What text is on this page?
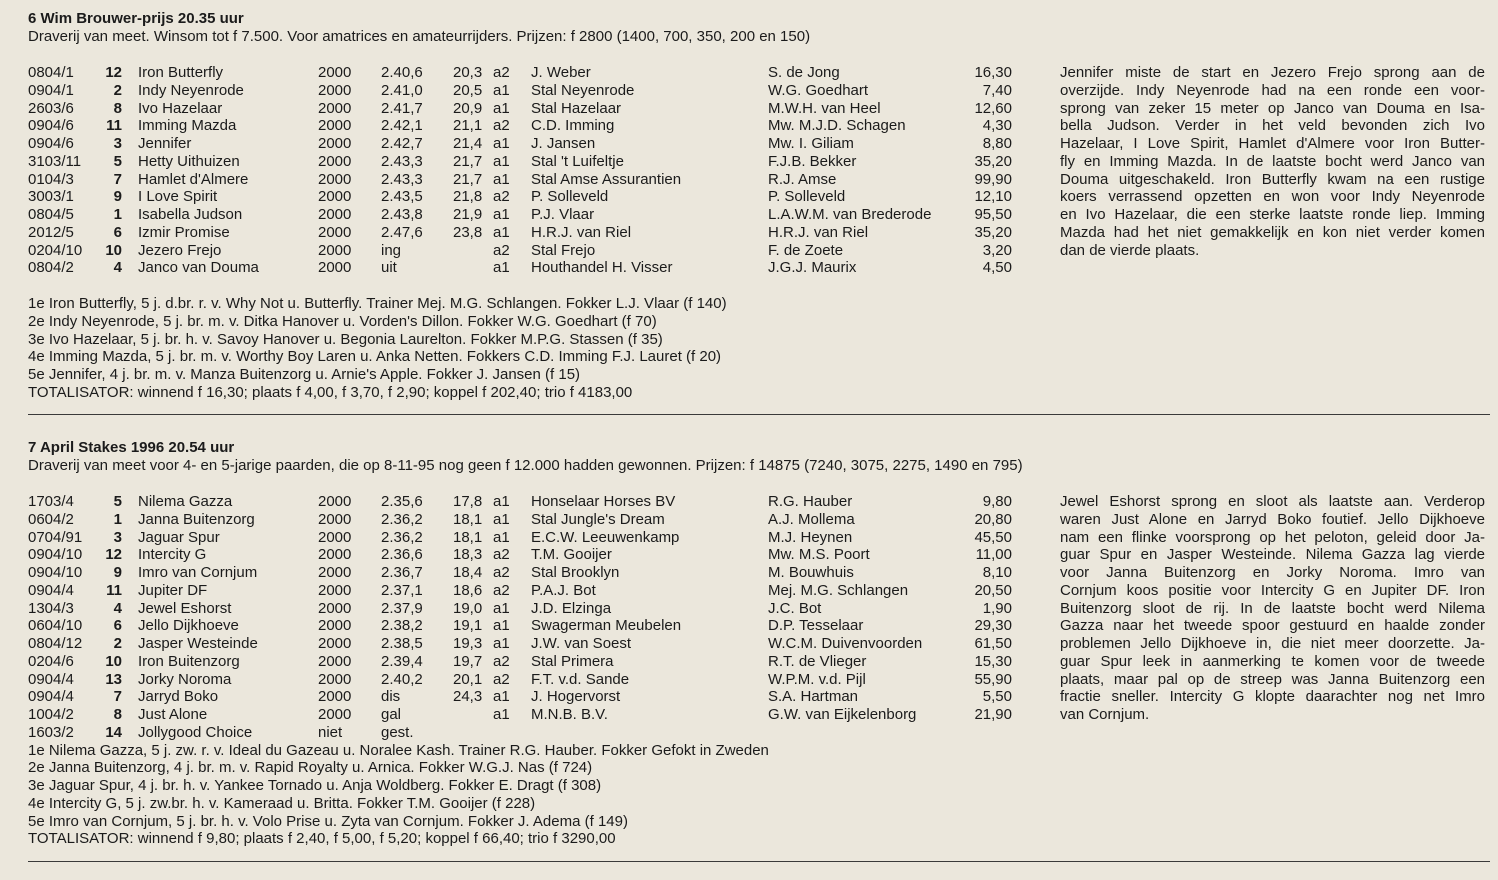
6 Wim Brouwer-prijs 20.35 uur
Draverij van meet. Winsom tot f 7.500. Voor amatrices en amateurrijders. Prijzen: f 2800 (1400, 700, 350, 200 en 150)
0804/1	12 Iron Butterfly	2000 2.40,6 20,3 a2 J. Weber	S. de Jong	16,30
0904/1	2 Indy Neyenrode	2000 2.41,0 20,5 a1 Stal Neyenrode	W.G. Goedhart	7,40
2603/6	8 Ivo Hazelaar	2000 2.41,7 20,9 a1 Stal Hazelaar	M.W.H. van Heel	12,60
0904/6	11 Imming Mazda	2000 2.42,1 21,1 a2 C.D. Imming	Mw. M.J.D. Schagen	4,30
0904/6	3 Jennifer	2000 2.42,7 21,4 a1 J. Jansen	Mw. I. Giliam	8,80
3103/11	5 Hetty Uithuizen	2000 2.43,3 21,7 a1 Stal 't Luifeltje	F.J.B. Bekker	35,20
0104/3	7 Hamlet d'Almere	2000 2.43,3 21,7 a1 Stal Amse Assurantien	R.J. Amse	99,90
3003/1	9 I Love Spirit	2000 2.43,5 21,8 a2 P. Solleveld	P. Solleveld	12,10
0804/5	1 Isabella Judson	2000 2.43,8 21,9 a1 P.J. Vlaar	L.A.W.M. van Brederode	95,50
2012/5	6 Izmir Promise	2000 2.47,6 23,8 a1 H.R.J. van Riel	H.R.J. van Riel	35,20
0204/10	10 Jezero Frejo	2000 ing	a2 Stal Frejo	F. de Zoete	3,20
0804/2	4 Janco van Douma	2000 uit	a1 Houthandel H. Visser	J.G.J. Maurix	4,50
Jennifer miste de start en Jezero Frejo sprong aan de
overzijde. Indy Neyenrode had na een ronde een voor-
sprong van zeker 15 meter op Janco van Douma en Isa-
bella Judson. Verder in het veld bevonden zich Ivo
Hazelaar, I Love Spirit, Hamlet d'Almere voor Iron Butter-
fly en Imming Mazda. In de laatste bocht werd Janco van
Douma uitgeschakeld. Iron Butterfly kwam na een rustige
koers verrassend opzetten en won voor Indy Neyenrode
en Ivo Hazelaar, die een sterke laatste ronde liep. Imming
Mazda had het niet gemakkelijk en kon niet verder komen
dan de vierde plaats.
1e Iron Butterfly, 5 j. d.br. r. v. Why Not u. Butterfly. Trainer Mej. M.G. Schlangen. Fokker L.J. Vlaar (f 140)
2e Indy Neyenrode, 5 j. br. m. v. Ditka Hanover u. Vorden's Dillon. Fokker W.G. Goedhart (f 70)
3e Ivo Hazelaar, 5 j. br. h. v. Savoy Hanover u. Begonia Laurelton. Fokker M.P.G. Stassen (f 35)
4e Imming Mazda, 5 j. br. m. v. Worthy Boy Laren u. Anka Netten. Fokkers C.D. Imming F.J. Lauret (f 20)
5e Jennifer, 4 j. br. m. v. Manza Buitenzorg u. Arnie's Apple. Fokker J. Jansen (f 15)
TOTALISATOR: winnend f 16,30; plaats f 4,00, f 3,70, f 2,90; koppel f 202,40; trio f 4183,00
7 April Stakes 1996 20.54 uur
Draverij van meet voor 4- en 5-jarige paarden, die op 8-11-95 nog geen f 12.000 hadden gewonnen. Prijzen: f 14875 (7240, 3075, 2275, 1490 en 795)
1703/4	5 Nilema Gazza	2000 2.35,6 17,8 a1 Honselaar Horses BV	R.G. Hauber	9,80
0604/2	1 Janna Buitenzorg	2000 2.36,2 18,1 a1 Stal Jungle's Dream	A.J. Mollema	20,80
0704/91	3 Jaguar Spur	2000 2.36,2 18,1 a1 E.C.W. Leeuwenkamp	M.J. Heynen	45,50
0904/10	12 Intercity G	2000 2.36,6 18,3 a2 T.M. Gooijer	Mw. M.S. Poort	11,00
0904/10	9 Imro van Cornjum	2000 2.36,7 18,4 a2 Stal Brooklyn	M. Bouwhuis	8,10
0904/4	11 Jupiter DF	2000 2.37,1 18,6 a2 P.A.J. Bot	Mej. M.G. Schlangen	20,50
1304/3	4 Jewel Eshorst	2000 2.37,9 19,0 a1 J.D. Elzinga	J.C. Bot	1,90
0604/10	6 Jello Dijkhoeve	2000 2.38,2 19,1 a1 Swagerman Meubelen	D.P. Tesselaar	29,30
0804/12	2 Jasper Westeinde	2000 2.38,5 19,3 a1 J.W. van Soest	W.C.M. Duivenvoorden	61,50
0204/6	10 Iron Buitenzorg	2000 2.39,4 19,7 a2 Stal Primera	R.T. de Vlieger	15,30
0904/4	13 Jorky Noroma	2000 2.40,2 20,1 a2 F.T. v.d. Sande	W.P.M. v.d. Pijl	55,90
0904/4	7 Jarryd Boko	2000 dis	24,3 a1 J. Hogervorst	S.A. Hartman	5,50
1004/2	8 Just Alone	2000 gal	a1 M.N.B. B.V.	G.W. van Eijkelenborg	21,90
1603/2	14 Jollygood Choice	niet	gest.
Jewel Eshorst sprong en sloot als laatste aan. Verderop
waren Just Alone en Jarryd Boko foutief. Jello Dijkhoeve
nam een flinke voorsprong op het peloton, geleid door Ja-
guar Spur en Jasper Westeinde. Nilema Gazza lag vierde
voor Janna Buitenzorg en Jorky Noroma. Imro van
Cornjum koos positie voor Intercity G en Jupiter DF. Iron
Buitenzorg sloot de rij. In de laatste bocht werd Nilema
Gazza naar het tweede spoor gestuurd en haalde zonder
problemen Jello Dijkhoeve in, die niet meer doorzette. Ja-
guar Spur leek in aanmerking te komen voor de tweede
plaats, maar pal op de streep was Janna Buitenzorg een
fractie sneller. Intercity G klopte daarachter nog net Imro
van Cornjum.
1e Nilema Gazza, 5 j. zw. r. v. Ideal du Gazeau u. Noralee Kash. Trainer R.G. Hauber. Fokker Gefokt in Zweden
2e Janna Buitenzorg, 4 j. br. m. v. Rapid Royalty u. Arnica. Fokker W.G.J. Nas (f 724)
3e Jaguar Spur, 4 j. br. h. v. Yankee Tornado u. Anja Woldberg. Fokker E. Dragt (f 308)
4e Intercity G, 5 j. zw.br. h. v. Kameraad u. Britta. Fokker T.M. Gooijer (f 228)
5e Imro van Cornjum, 5 j. br. h. v. Volo Prise u. Zyta van Cornjum. Fokker J. Adema (f 149)
TOTALISATOR: winnend f 9,80; plaats f 2,40, f 5,00, f 5,20; koppel f 66,40; trio f 3290,00
